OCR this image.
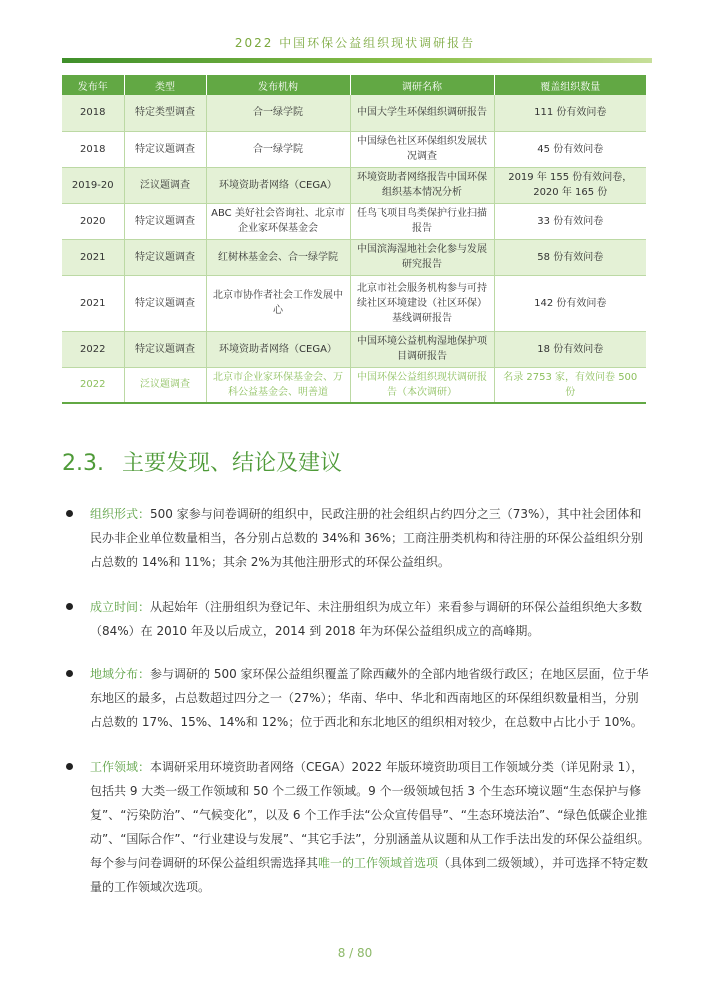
2022 中国环保公益组织现状调研报告
发布年	类型	发布机构	调研名称	覆盖组织数量
2018	特定类型调查	合一绿学院	中国大学生环保组织调研报告	111 份有效问卷
2018	特定议题调查	合一绿学院	中国绿色社区环保组织发展状况调查	45 份有效问卷
2019-20	泛议题调查	环境资助者网络（CEGA）	环境资助者网络报告中国环保组织基本情况分析	2019 年 155 份有效问卷，2020 年 165 份
2020	特定议题调查	ABC 美好社会咨询社、北京市企业家环保基金会	任鸟飞项目鸟类保护行业扫描报告	33 份有效问卷
2021	特定议题调查	红树林基金会、合一绿学院	中国滨海湿地社会化参与发展研究报告	58 份有效问卷
2021	特定议题调查	北京市协作者社会工作发展中心	北京市社会服务机构参与可持续社区环境建设（社区环保）基线调研报告	142 份有效问卷
2022	特定议题调查	环境资助者网络（CEGA）	中国环境公益机构湿地保护项目调研报告	18 份有效问卷
2022	泛议题调查	北京市企业家环保基金会、万科公益基金会、明善道	中国环保公益组织现状调研报告（本次调研）	名录 2753 家，有效问卷 500 份
2.3. 主要发现、结论及建议
组织形式：500 家参与问卷调研的组织中，民政注册的社会组织占约四分之三（73%），其中社会团体和民办非企业单位数量相当，各分别占总数的 34%和 36%；工商注册类机构和待注册的环保公益组织分别占总数的 14%和 11%；其余 2%为其他注册形式的环保公益组织。
成立时间：从起始年（注册组织为登记年、未注册组织为成立年）来看参与调研的环保公益组织绝大多数（84%）在 2010 年及以后成立，2014 到 2018 年为环保公益组织成立的高峰期。
地域分布：参与调研的 500 家环保公益组织覆盖了除西藏外的全部内地省级行政区；在地区层面，位于华东地区的最多，占总数超过四分之一（27%）；华南、华中、华北和西南地区的环保组织数量相当，分别占总数的 17%、15%、14%和 12%；位于西北和东北地区的组织相对较少，在总数中占比小于 10%。
工作领域：本调研采用环境资助者网络（CEGA）2022 年版环境资助项目工作领域分类（详见附录 1），包括共 9 大类一级工作领域和 50 个二级工作领域。9 个一级领域包括 3 个生态环境议题“生态保护与修复”、“污染防治”、“气候变化”，以及 6 个工作手法“公众宣传倡导”、“生态环境法治”、“绿色低碳企业推动”、“国际合作”、“行业建设与发展”、“其它手法”，分别涵盖从议题和从工作手法出发的环保公益组织。每个参与问卷调研的环保公益组织需选择其唯一的工作领域首选项（具体到二级领域），并可选择不特定数量的工作领域次选项。
8 / 80
